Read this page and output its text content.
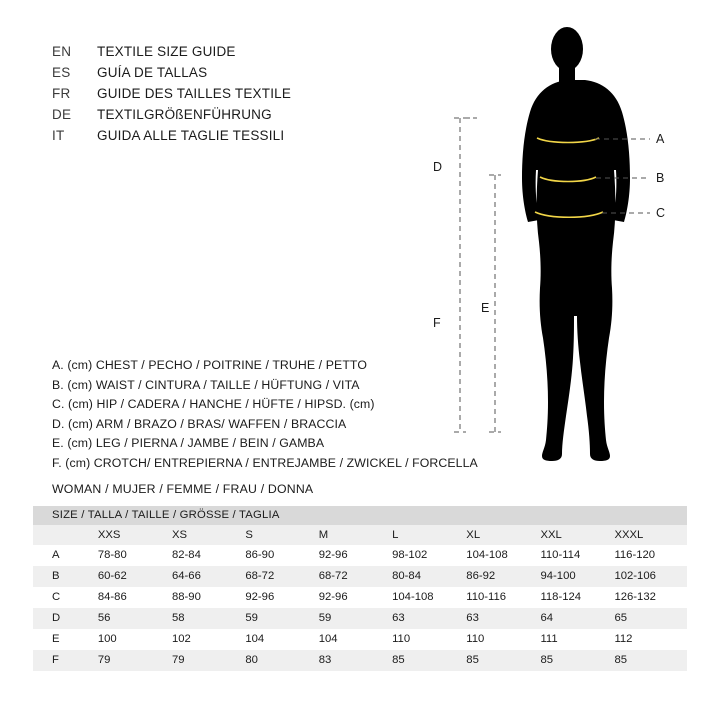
EN	TEXTILE SIZE GUIDE
ES	GUÍA DE TALLAS
FR	GUIDE DES TAILLES TEXTILE
DE	TEXTILGRÖßENFÜHRUNG
IT	GUIDA ALLE TAGLIE TESSILI
A. (cm) CHEST / PECHO / POITRINE / TRUHE / PETTO
B. (cm) WAIST / CINTURA / TAILLE / HÜFTUNG / VITA
C. (cm) HIP / CADERA / HANCHE / HÜFTE / HIPSD. (cm)
D. (cm) ARM / BRAZO / BRAS/ WAFFEN / BRACCIA
E. (cm) LEG / PIERNA / JAMBE / BEIN / GAMBA
F. (cm) CROTCH/ ENTREPIERNA / ENTREJAMBE / ZWICKEL / FORCELLA
WOMAN / MUJER / FEMME / FRAU / DONNA
A
B
C
D
E
F
SIZE / TALLA / TAILLE / GRÖSSE / TAGLIA								
	XXS	XS	S	M	L	XL	XXL	XXXL
A	78-80	82-84	86-90	92-96	98-102	104-108	110-114	116-120
B	60-62	64-66	68-72	68-72	80-84	86-92	94-100	102-106
C	84-86	88-90	92-96	92-96	104-108	110-116	118-124	126-132
D	56	58	59	59	63	63	64	65
E	100	102	104	104	110	110	111	112
F	79	79	80	83	85	85	85	85
